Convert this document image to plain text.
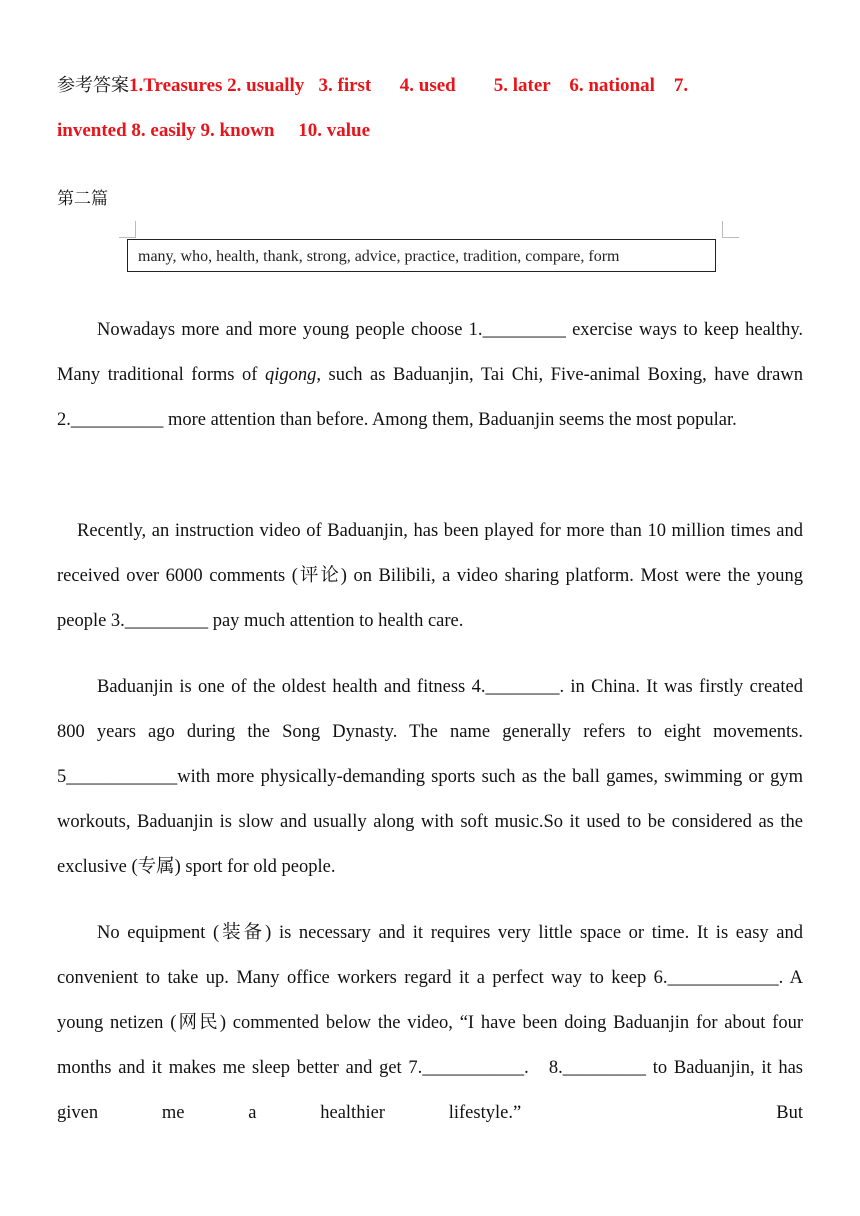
参考答案1.Treasures 2. usually   3. first      4. used        5. later    6. national    7.
invented 8. easily 9. known     10. value
第二篇
many, who, health, thank, strong, advice, practice, tradition, compare, form

Nowadays more and more young people choose 1._________ exercise ways to keep healthy. Many traditional forms of qigong, such as Baduanjin, Tai Chi, Five-animal Boxing, have drawn 2.__________ more attention than before. Among them, Baduanjin seems the most popular.

Recently, an instruction video of Baduanjin, has been played for more than 10 million times and received over 6000 comments (评论) on Bilibili, a video sharing platform. Most were the young people 3._________ pay much attention to health care.

Baduanjin is one of the oldest health and fitness 4.________. in China. It was firstly created 800 years ago during the Song Dynasty. The name generally refers to eight movements. 5____________with more physically-demanding sports such as the ball games, swimming or gym workouts, Baduanjin is slow and usually along with soft music.So it used to be considered as the exclusive (专属) sport for old people.

No equipment (装备) is necessary and it requires very little space or time. It is easy and convenient to take up. Many office workers regard it a perfect way to keep 6.____________. A young netizen (网民) commented below the video, “I have been doing Baduanjin for about four months and it makes me sleep better and get 7.___________.   8._________ to Baduanjin, it has given me a healthier lifestyle.”    But
